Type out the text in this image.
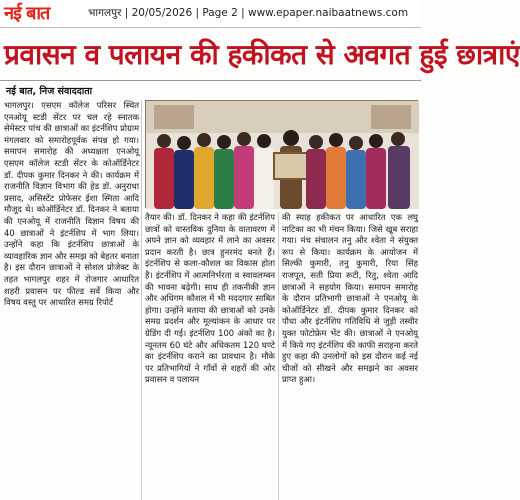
नई बात	भागलपुर | 20/05/2026 | Page 2 | www.epaper.naibaatnews.com
प्रवासन व पलायन की हकीकत से अवगत हुई छात्राएं
नई बात, निज संवाददाता

भागलपुर। एसएम कॉलेज परिसर स्थित एनओयू स्टडी सेंटर पर चल रहे स्नातक सेमेस्टर पांच की छात्राओं का इंटर्नशिप प्रोग्राम मंगलवार को समारोहपूर्वक संपन्न हो गया। समापन समारोह की अध्यक्षता एनओयू एसएम कॉलेज स्टडी सेंटर के कोऑर्डिनेटर डॉ. दीपक कुमार दिनकर ने की। कार्यक्रम में राजनीति विज्ञान विभाग की हेड डॉ. अनुराधा प्रसाद, असिस्टेंट प्रोफेसर ईशा स्मिता आदि मौजूद थे। कोऑर्डिनेटर डॉ. दिनकर ने बताया की एनओयू में राजनीति विज्ञान विषय की 40 छात्राओं ने इंटर्नशिप में भाग लिया। उन्होंने कहा कि इंटर्नशिप छात्राओं के व्यावहारिक ज्ञान और समझ को बेहतर बनाता है। इस दौरान छात्राओं ने सोशल प्रोजेक्ट के तहत भागलपुर शहर में रोजगार आधारित शहरी प्रवासन पर फील्ड सर्वे किया और विषय वस्तु पर आधारित समग्र रिपोर्ट

तैयार की। डॉ. दिनकर ने कहा की इंटर्नशिप छात्रों को वास्तविक दुनिया के वातावरण में अपने ज्ञान को व्यवहार में लाने का अवसर प्रदान करती है। छात्र हुनरमंद बनते हैं। इंटर्नशिप से कला-कौशल का विकास होता है। इंटर्नशिप में आत्मनिर्भरता व स्वावलम्बन की भावना बढ़ेगी। साथ ही तकनीकी ज्ञान और अधिगम कौशल में भी मददगार साबित होगा। उन्होंने बताया की छात्राओं को उनके समग्र प्रदर्शन और मूल्यांकन के आधार पर ग्रेडिंग दी गई। इंटर्नशिप 100 अंकों का है। न्यूनतम 60 घंटे और अधिकतम 120 घण्टे का इंटर्नशिप कराने का प्रावधान है। मौके पर प्रतिभागियों ने गाँवों से शहरों की ओर प्रवासन व पलायन

की स्याह हकीकत पर आधारित एक लघु नाटिका का भी मंचन किया। जिसे खूब सराहा गया। मंच संचालन तनु और श्वेता ने संयुक्त रूप से किया। कार्यक्रम के आयोजन में सिल्की कुमारी, तनु कुमारी, रिया सिंह राजपूत, सती प्रिया रूटी, रितु, श्वेता आदि छात्राओं ने सहयोग किया। समापन समारोह के दौरान प्रतिभागी छात्राओं ने एनओयू के कोऑर्डिनेटर डॉ. दीपक कुमार दिनकर को पौधा और इंटर्नशिप गतिविधि से जुड़ी तस्वीर युक्त फोटोफ्रेम भेंट की। छात्राओं ने एनओयू में किये गए इंटर्नशिप की काफी सराहना करते हुए कहा की उनलोगों को इस दौरान कई नई चीजों को सीखने और समझने का अवसर प्राप्त हुआ।
